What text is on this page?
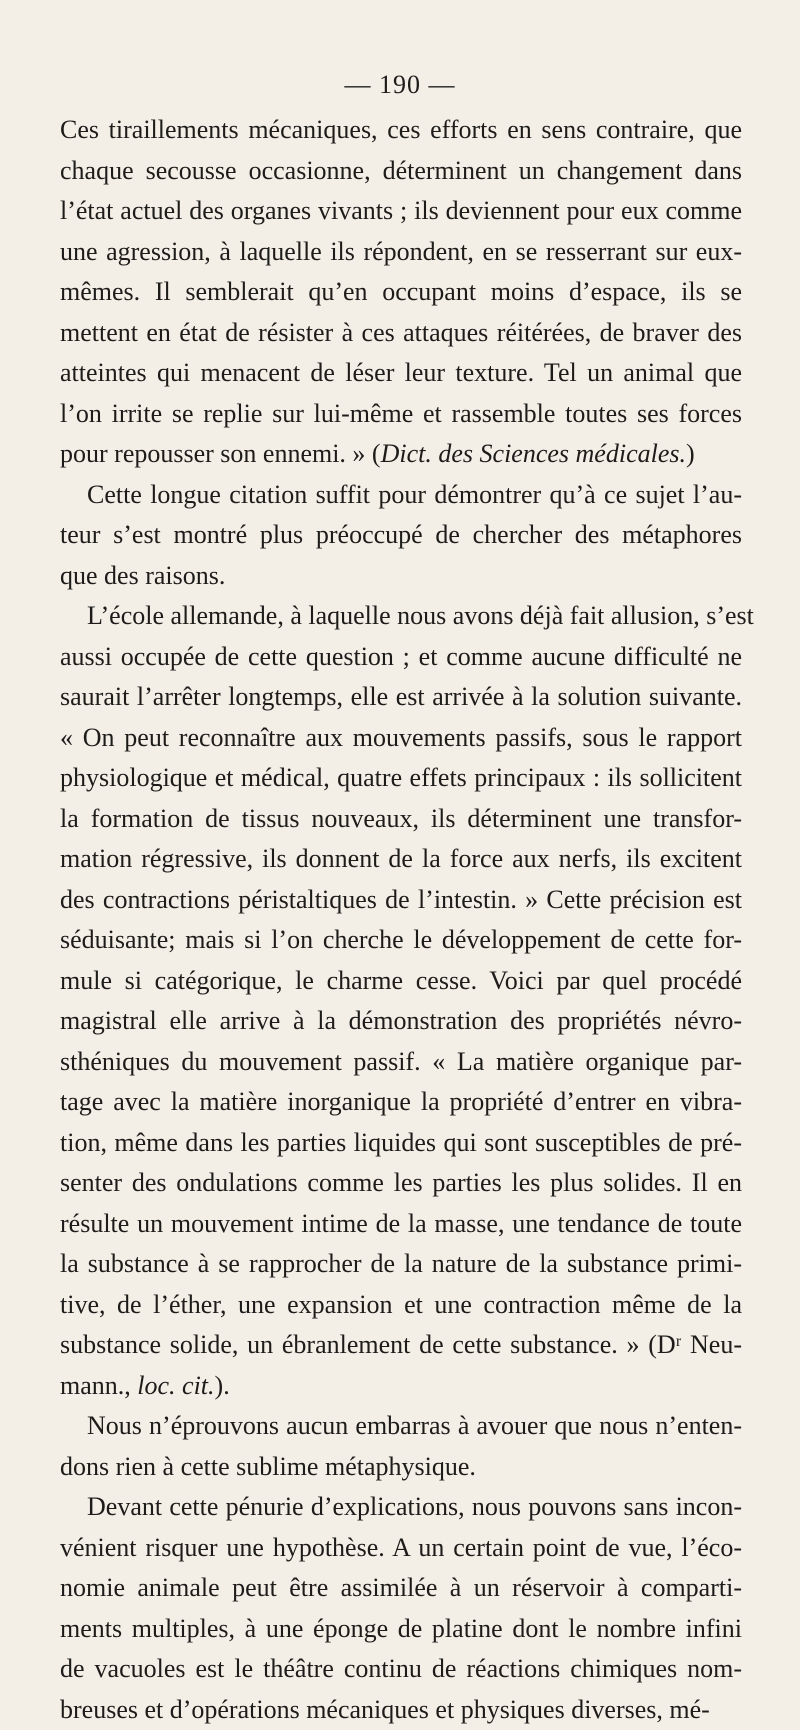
— 190 —
Ces tiraillements mécaniques, ces efforts en sens contraire, que
chaque secousse occasionne, déterminent un changement dans
l’état actuel des organes vivants ; ils deviennent pour eux comme
une agression, à laquelle ils répondent, en se resserrant sur eux-
mêmes. Il semblerait qu’en occupant moins d’espace, ils se
mettent en état de résister à ces attaques réitérées, de braver des
atteintes qui menacent de léser leur texture. Tel un animal que
l’on irrite se replie sur lui-même et rassemble toutes ses forces
pour repousser son ennemi. » (Dict. des Sciences médicales.)
Cette longue citation suffit pour démontrer qu’à ce sujet l’au-
teur s’est montré plus préoccupé de chercher des métaphores
que des raisons.
L’école allemande, à laquelle nous avons déjà fait allusion, s’est
aussi occupée de cette question ; et comme aucune difficulté ne
saurait l’arrêter longtemps, elle est arrivée à la solution suivante.
« On peut reconnaître aux mouvements passifs, sous le rapport
physiologique et médical, quatre effets principaux : ils sollicitent
la formation de tissus nouveaux, ils déterminent une transfor-
mation régressive, ils donnent de la force aux nerfs, ils excitent
des contractions péristaltiques de l’intestin. » Cette précision est
séduisante; mais si l’on cherche le développement de cette for-
mule si catégorique, le charme cesse. Voici par quel procédé
magistral elle arrive à la démonstration des propriétés névro-
sthéniques du mouvement passif. « La matière organique par-
tage avec la matière inorganique la propriété d’entrer en vibra-
tion, même dans les parties liquides qui sont susceptibles de pré-
senter des ondulations comme les parties les plus solides. Il en
résulte un mouvement intime de la masse, une tendance de toute
la substance à se rapprocher de la nature de la substance primi-
tive, de l’éther, une expansion et une contraction même de la
substance solide, un ébranlement de cette substance. » (Dʳ Neu-
mann., loc. cit.).
Nous n’éprouvons aucun embarras à avouer que nous n’enten-
dons rien à cette sublime métaphysique.
Devant cette pénurie d’explications, nous pouvons sans incon-
vénient risquer une hypothèse. A un certain point de vue, l’éco-
nomie animale peut être assimilée à un réservoir à comparti-
ments multiples, à une éponge de platine dont le nombre infini
de vacuoles est le théâtre continu de réactions chimiques nom-
breuses et d’opérations mécaniques et physiques diverses, mé-
